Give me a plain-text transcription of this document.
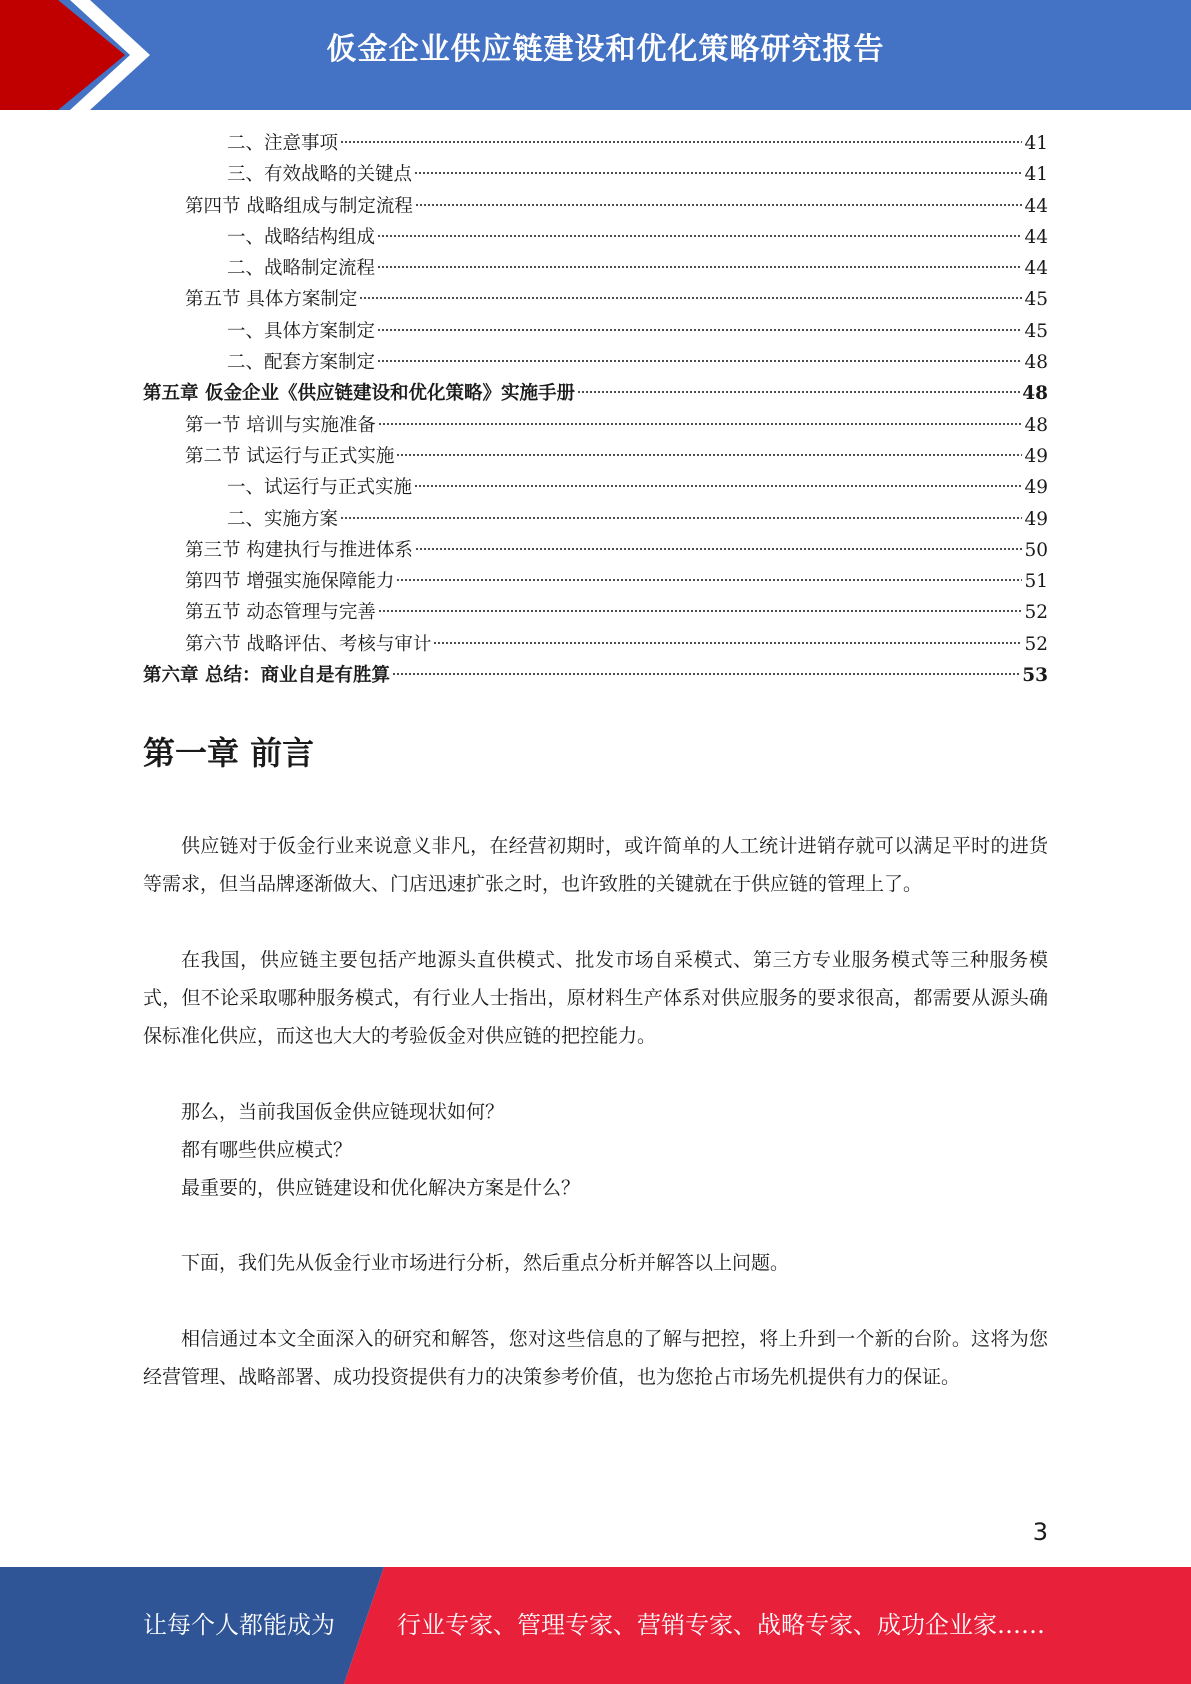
仮金企业供应链建设和优化策略研究报告
二、注意事项	41
三、有效战略的关键点	41
第四节 战略组成与制定流程	44
一、战略结构组成	44
二、战略制定流程	44
第五节 具体方案制定	45
一、具体方案制定	45
二、配套方案制定	48
第五章 仮金企业《供应链建设和优化策略》实施手册	48
第一节 培训与实施准备	48
第二节 试运行与正式实施	49
一、试运行与正式实施	49
二、实施方案	49
第三节 构建执行与推进体系	50
第四节 增强实施保障能力	51
第五节 动态管理与完善	52
第六节 战略评估、考核与审计	52
第六章 总结：商业自是有胜算	53
第一章 前言

供应链对于仮金行业来说意义非凡，在经营初期时，或许简单的人工统计进销存就可以满足平时的进货等需求，但当品牌逐渐做大、门店迅速扩张之时，也许致胜的关键就在于供应链的管理上了。

在我国，供应链主要包括产地源头直供模式、批发市场自采模式、第三方专业服务模式等三种服务模式，但不论采取哪种服务模式，有行业人士指出，原材料生产体系对供应服务的要求很高，都需要从源头确保标准化供应，而这也大大的考验仮金对供应链的把控能力。

那么，当前我国仮金供应链现状如何？

都有哪些供应模式？

最重要的，供应链建设和优化解决方案是什么？

下面，我们先从仮金行业市场进行分析，然后重点分析并解答以上问题。

相信通过本文全面深入的研究和解答，您对这些信息的了解与把控，将上升到一个新的台阶。这将为您经营管理、战略部署、成功投资提供有力的决策参考价值，也为您抢占市场先机提供有力的保证。

3
让每个人都能成为	行业专家、管理专家、营销专家、战略专家、成功企业家……
